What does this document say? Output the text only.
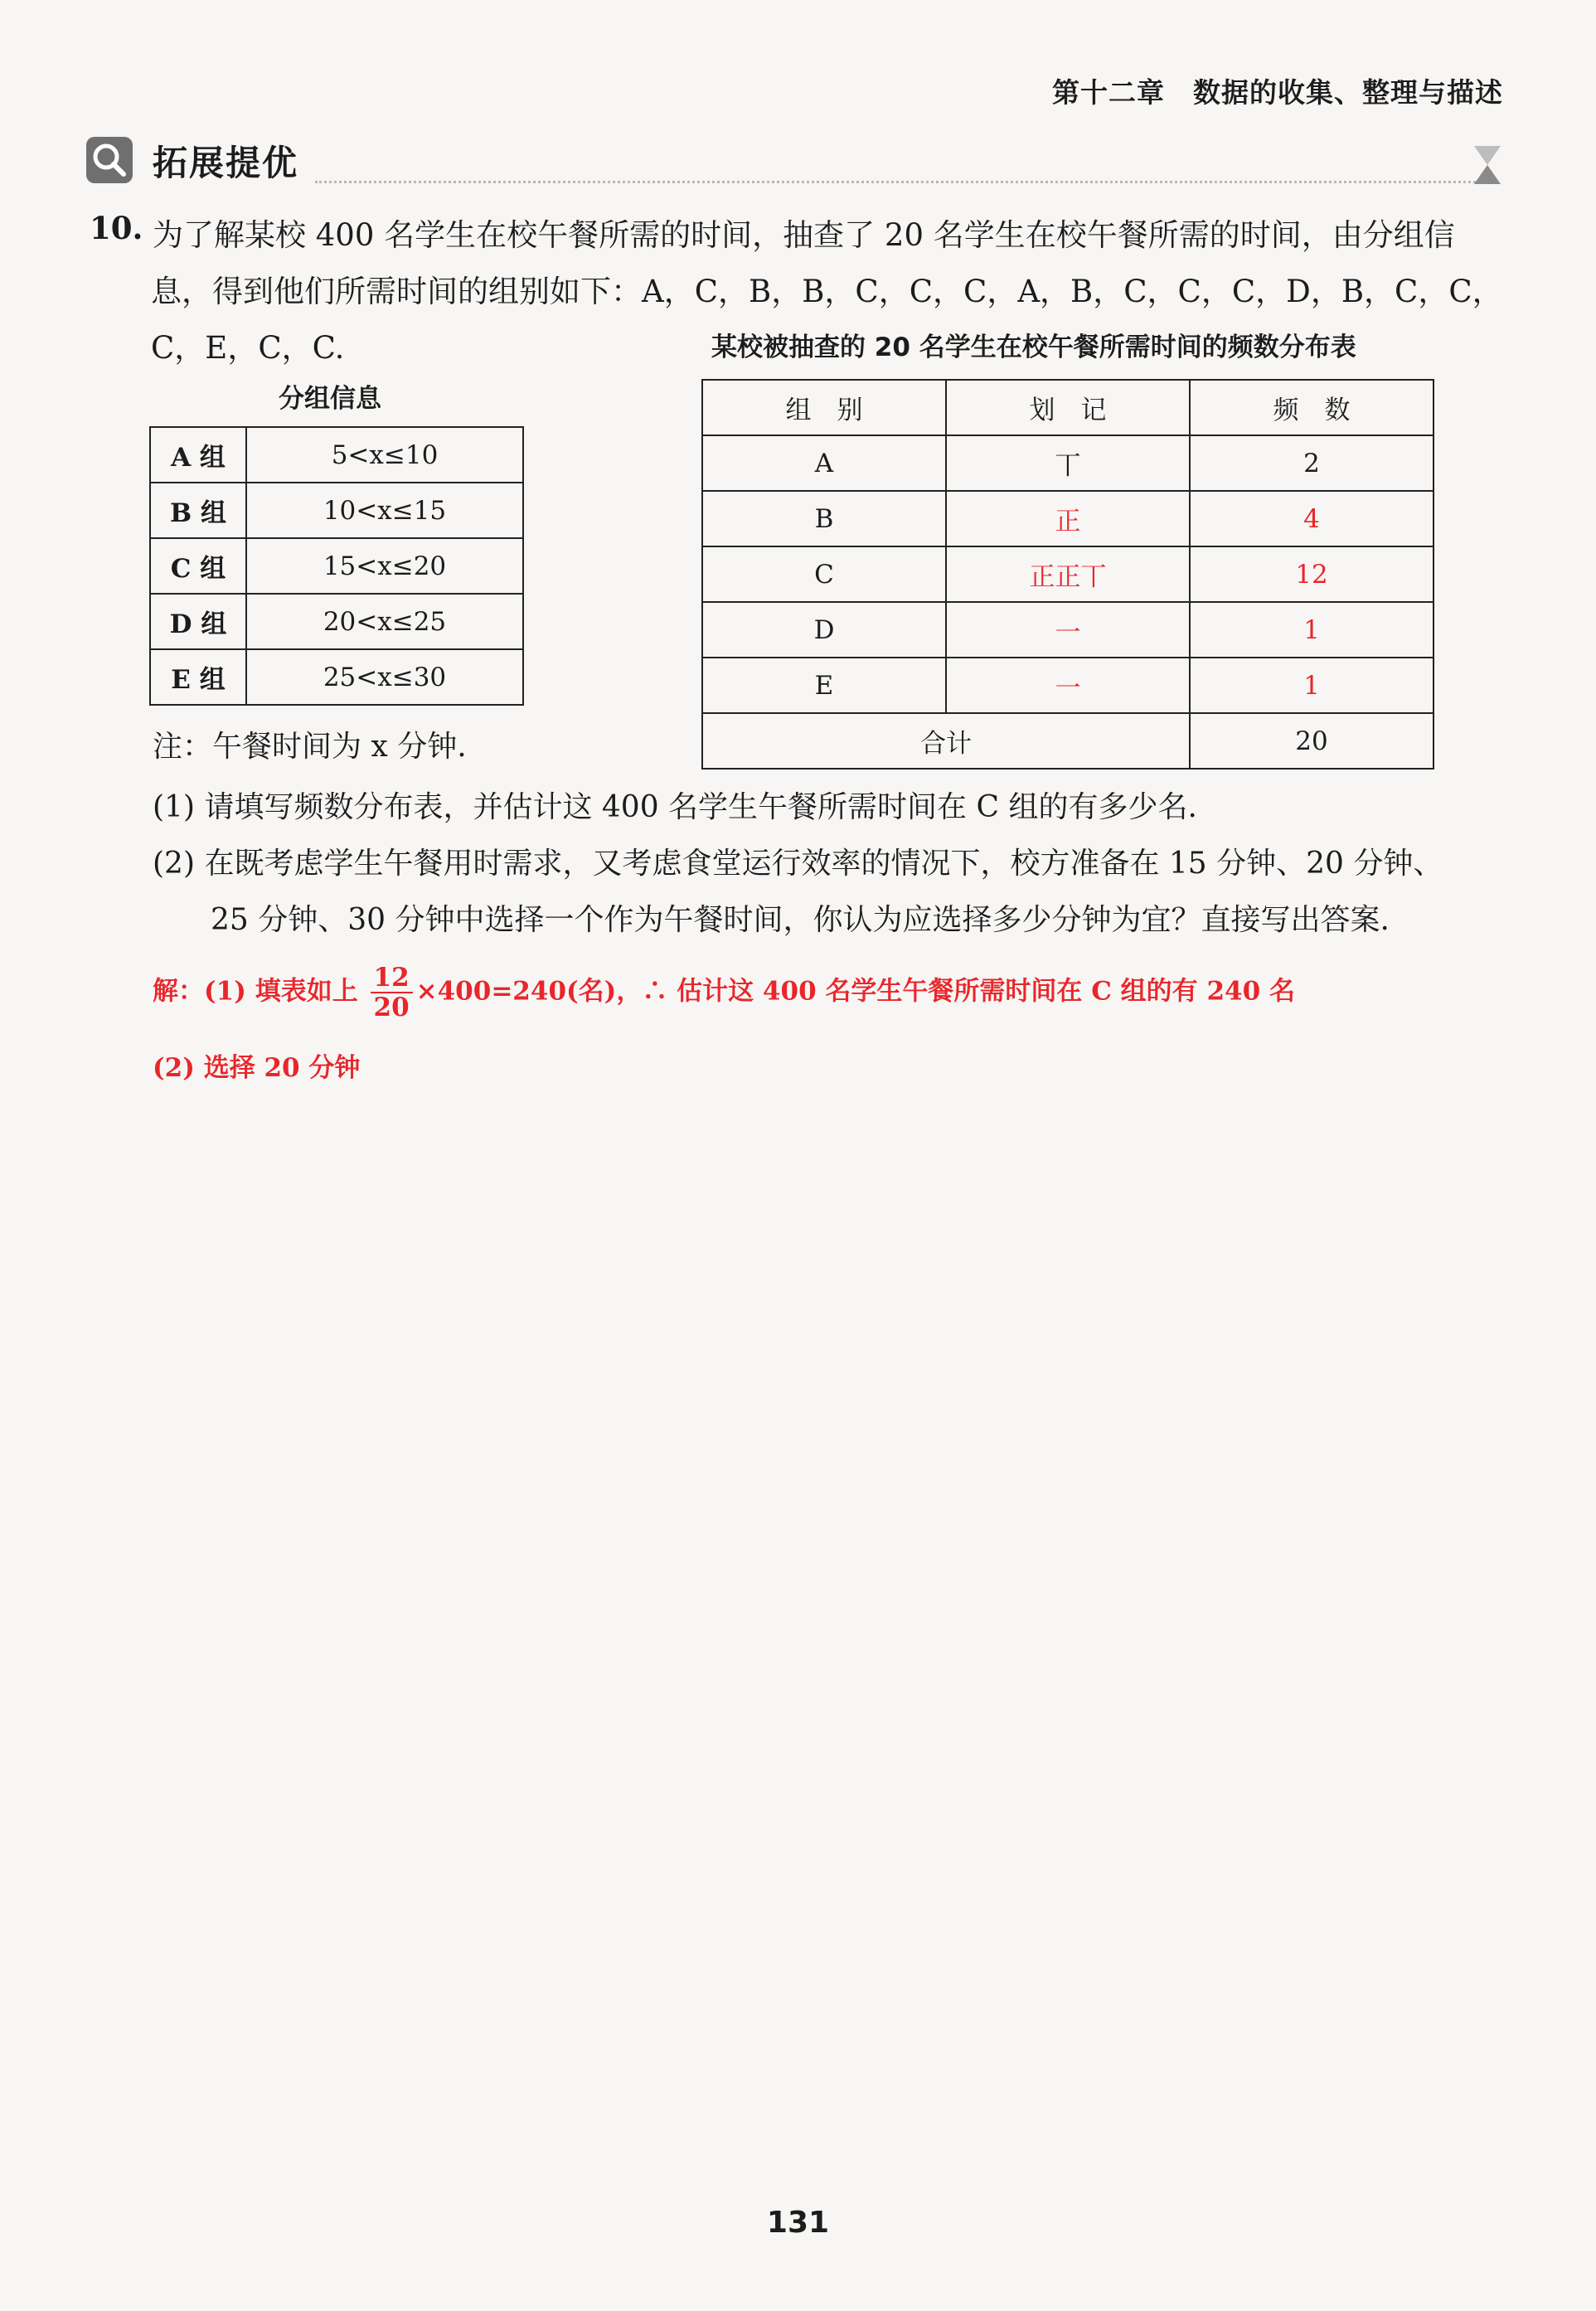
第十二章　数据的收集、整理与描述
拓展提优
10. 为了解某校 400 名学生在校午餐所需的时间，抽查了 20 名学生在校午餐所需的时间，由分组信
息，得到他们所需时间的组别如下：A，C，B，B，C，C，C，A，B，C，C，C，D，B，C，C，C，E，C，C.	某校被抽查的 20 名学生在校午餐所需时间的频数分布表
分组信息
A 组	5<x≤10
B 组	10<x≤15
C 组	15<x≤20
D 组	20<x≤25
E 组	25<x≤30
组　别	划　记	频　数
A	丅	2
B	正	4
C	正正丅	12
D	一	1
E	一	1
合计		20
注：午餐时间为 x 分钟.
(1) 请填写频数分布表，并估计这 400 名学生午餐所需时间在 C 组的有多少名.
(2) 在既考虑学生午餐用时需求，又考虑食堂运行效率的情况下，校方准备在 15 分钟、20 分钟、
25 分钟、30 分钟中选择一个作为午餐时间，你认为应选择多少分钟为宜？直接写出答案.
解：(1) 填表如上 $\frac{12}{20} \times 400=240$(名)，∴ 估计这 400 名学生午餐所需时间在 C 组的有 240 名
(2) 选择 20 分钟
131
